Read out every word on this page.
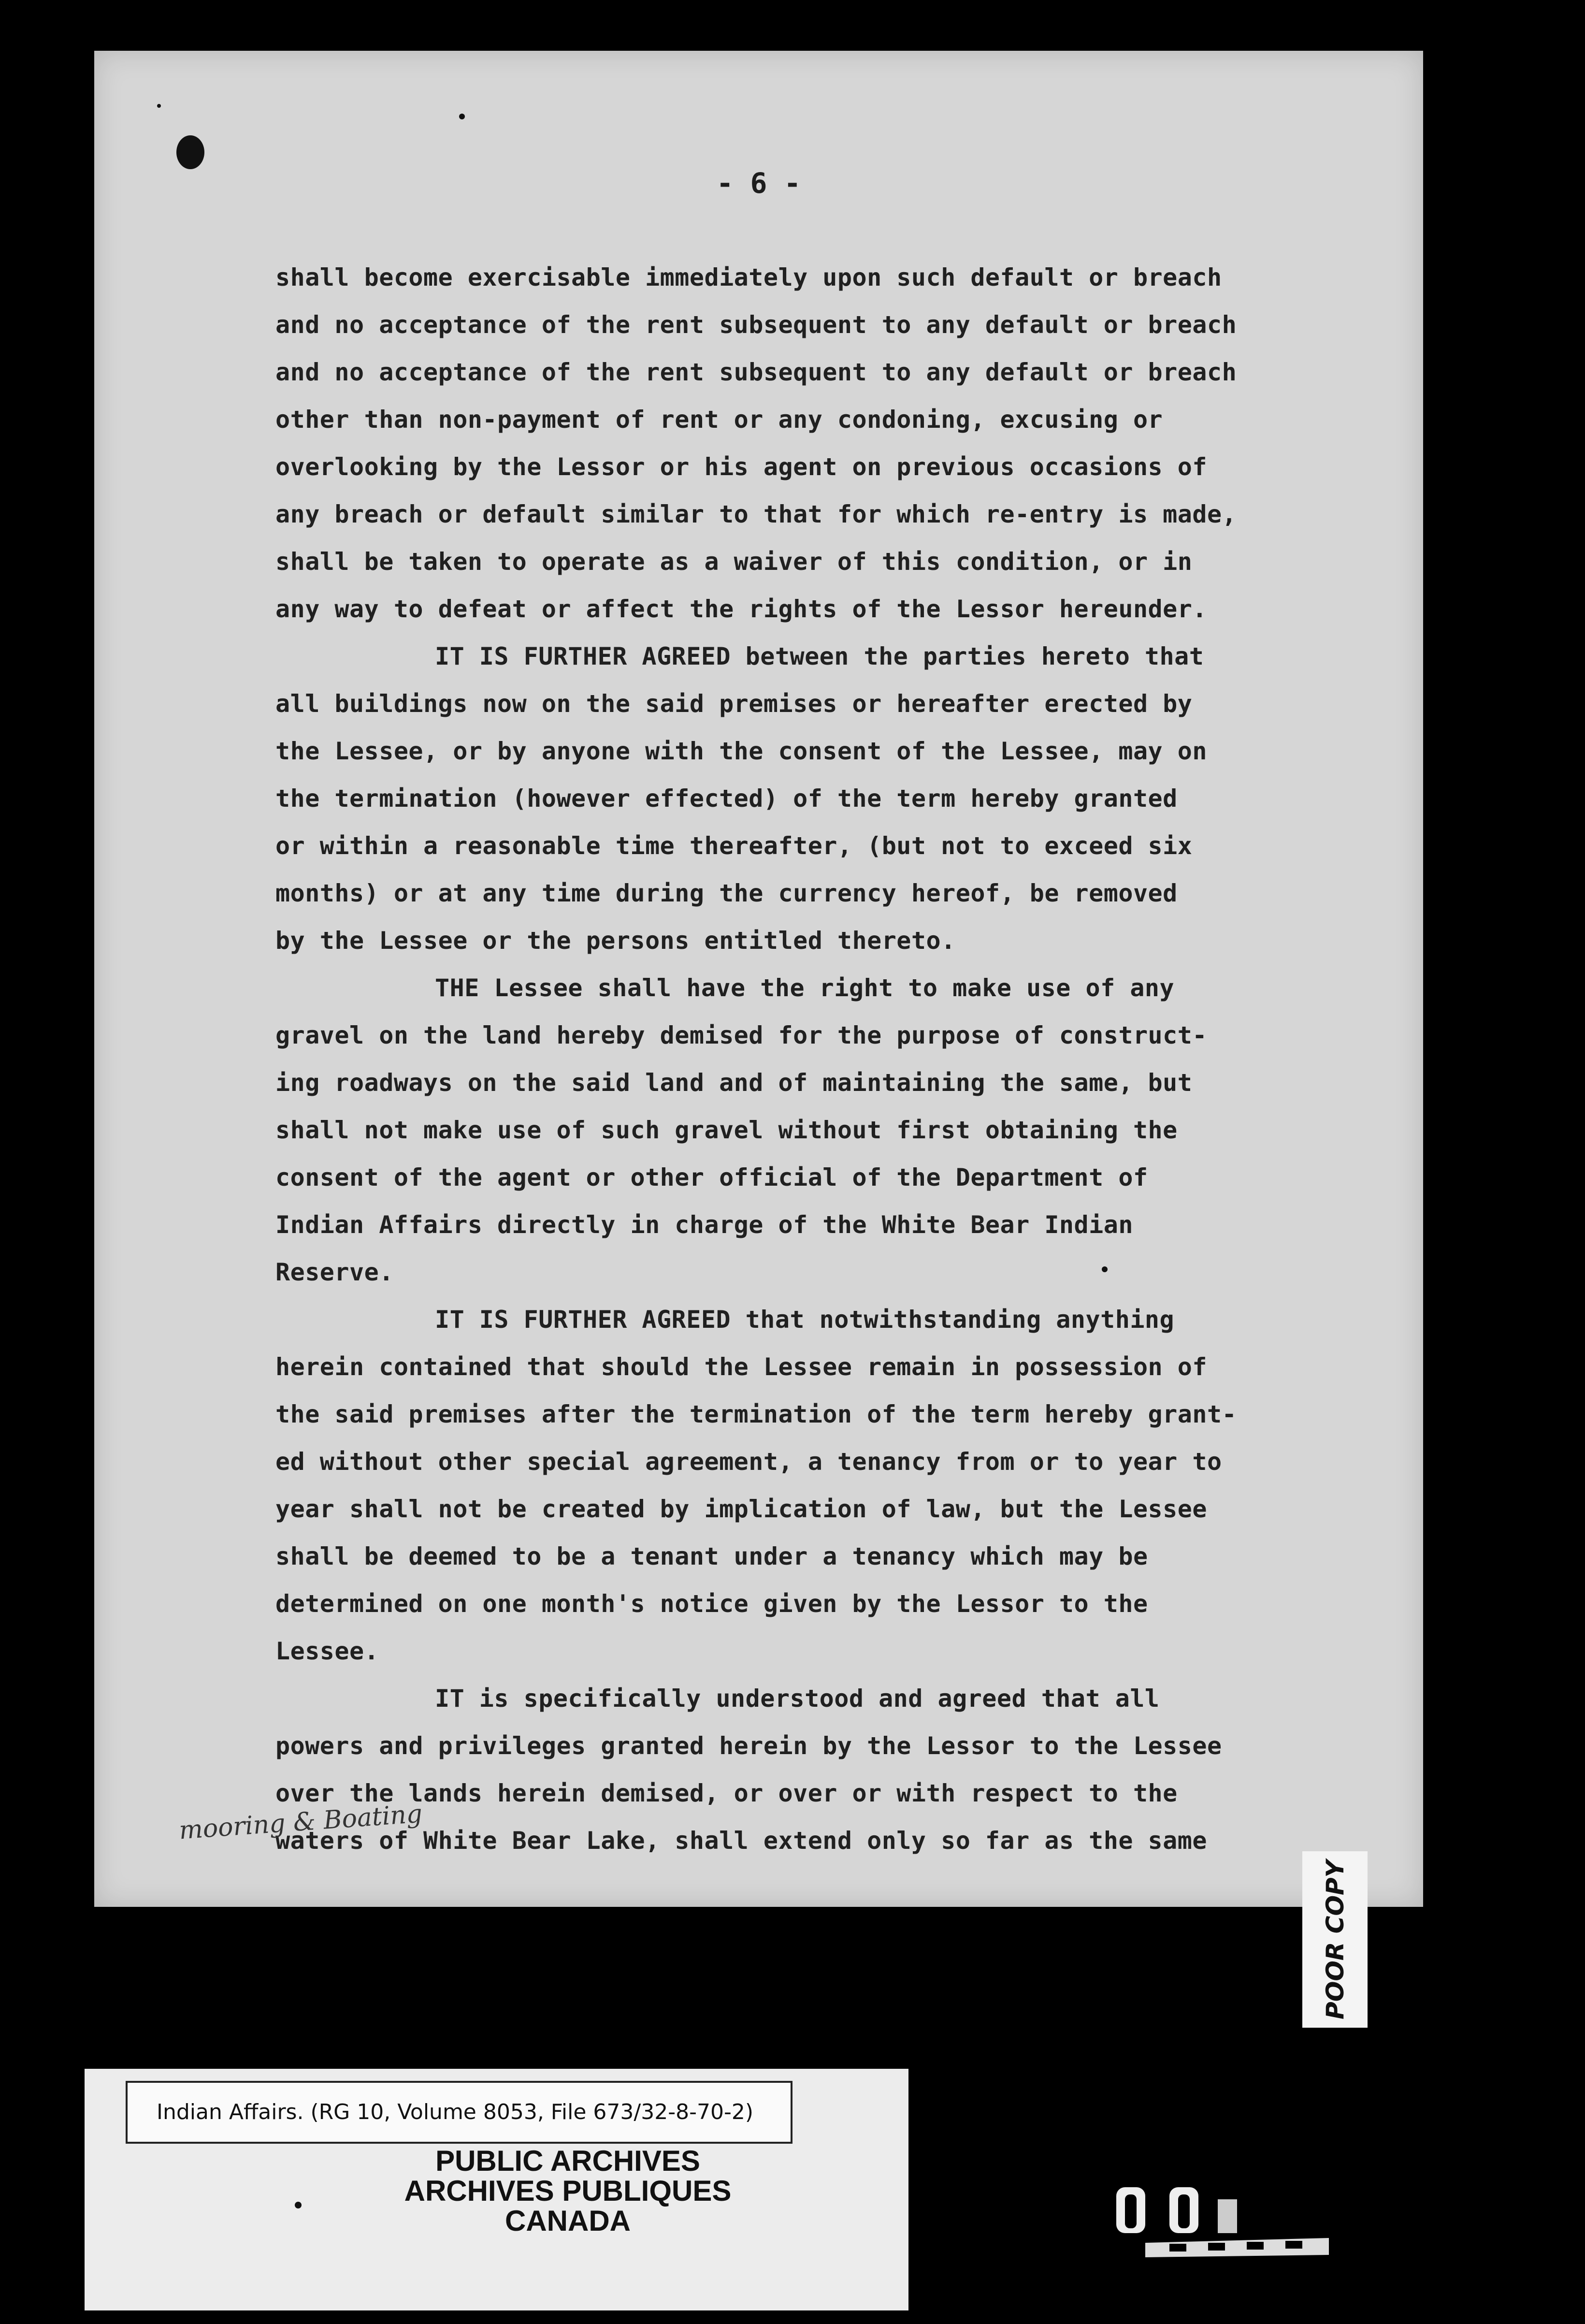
- 6 -
shall become exercisable immediately upon such default or breach
and no acceptance of the rent subsequent to any default or breach
and no acceptance of the rent subsequent to any default or breach
other than non-payment of rent or any condoning, excusing or
overlooking by the Lessor or his agent on previous occasions of
any breach or default similar to that for which re-entry is made,
shall be taken to operate as a waiver of this condition, or in
any way to defeat or affect the rights of the Lessor hereunder.
IT IS FURTHER AGREED between the parties hereto that
all buildings now on the said premises or hereafter erected by
the Lessee, or by anyone with the consent of the Lessee, may on
the termination (however effected) of the term hereby granted
or within a reasonable time thereafter, (but not to exceed six
months) or at any time during the currency hereof, be removed
by the Lessee or the persons entitled thereto.
THE Lessee shall have the right to make use of any
gravel on the land hereby demised for the purpose of construct-
ing roadways on the said land and of maintaining the same, but
shall not make use of such gravel without first obtaining the
consent of the agent or other official of the Department of
Indian Affairs directly in charge of the White Bear Indian
Reserve.
IT IS FURTHER AGREED that notwithstanding anything
herein contained that should the Lessee remain in possession of
the said premises after the termination of the term hereby grant-
ed without other special agreement, a tenancy from or to year to
year shall not be created by implication of law, but the Lessee
shall be deemed to be a tenant under a tenancy which may be
determined on one month's notice given by the Lessor to the
Lessee.
IT is specifically understood and agreed that all
powers and privileges granted herein by the Lessor to the Lessee
over the lands herein demised, or over or with respect to the
waters of White Bear Lake, shall extend only so far as the same
mooring & Boating
POOR COPY
Indian Affairs. (RG 10, Volume 8053, File 673/32-8-70-2)
PUBLIC ARCHIVES
ARCHIVES PUBLIQUES
CANADA
